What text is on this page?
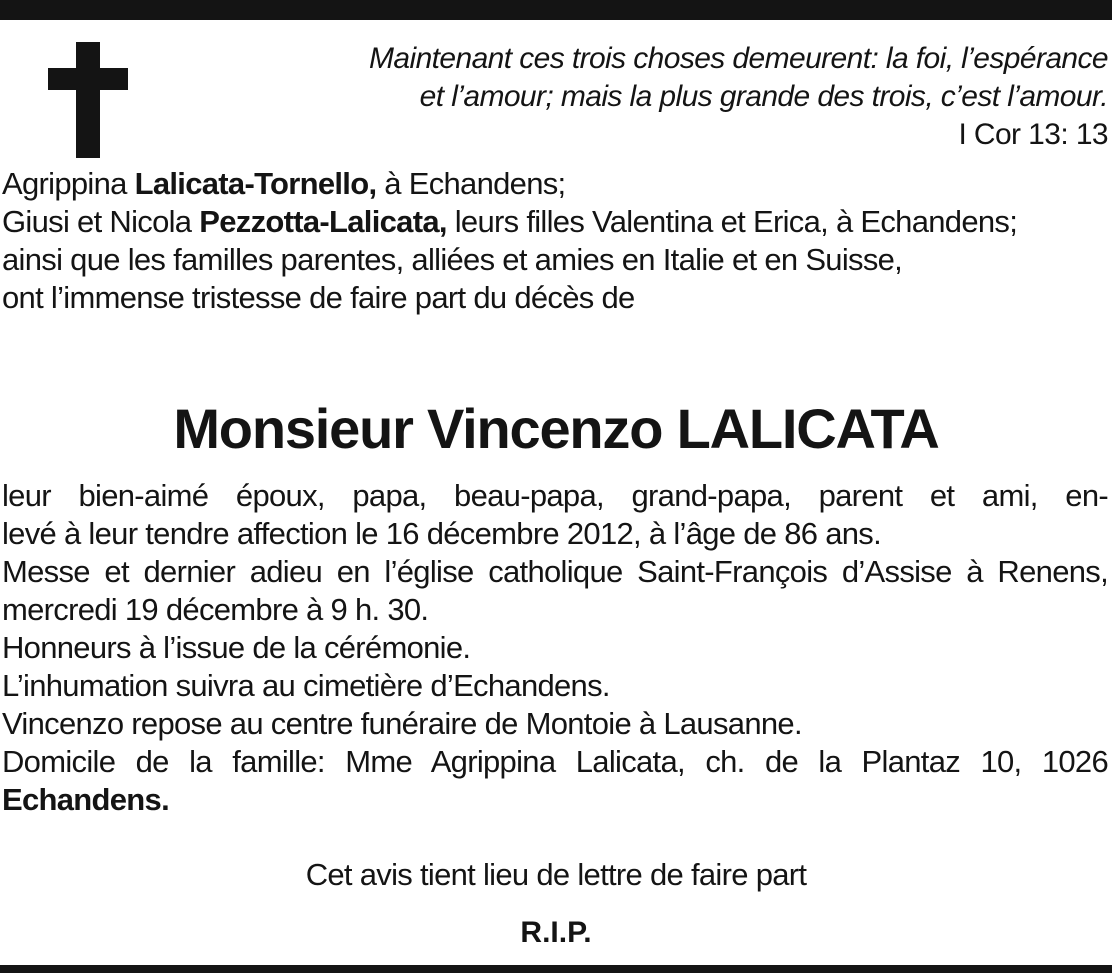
Maintenant ces trois choses demeurent: la foi, l’espérance
et l’amour; mais la plus grande des trois, c’est l’amour.
I Cor 13: 13

Agrippina Lalicata-Tornello, à Echandens;

Giusi et Nicola Pezzotta-Lalicata, leurs filles Valentina et Erica, à Echandens;

ainsi que les familles parentes, alliées et amies en Italie et en Suisse,

ont l’immense tristesse de faire part du décès de

Monsieur Vincenzo LALICATA

leur bien-aimé époux, papa, beau-papa, grand-papa, parent et ami, en-

levé à leur tendre affection le 16 décembre 2012, à l’âge de 86 ans.

Messe et dernier adieu en l’église catholique Saint-François d’Assise à Renens, mercredi 19 décembre à 9 h. 30.

Honneurs à l’issue de la cérémonie.

L’inhumation suivra au cimetière d’Echandens.

Vincenzo repose au centre funéraire de Montoie à Lausanne.

Domicile de la famille: Mme Agrippina Lalicata, ch. de la Plantaz 10, 1026 Echandens.

Cet avis tient lieu de lettre de faire part
R.I.P.
